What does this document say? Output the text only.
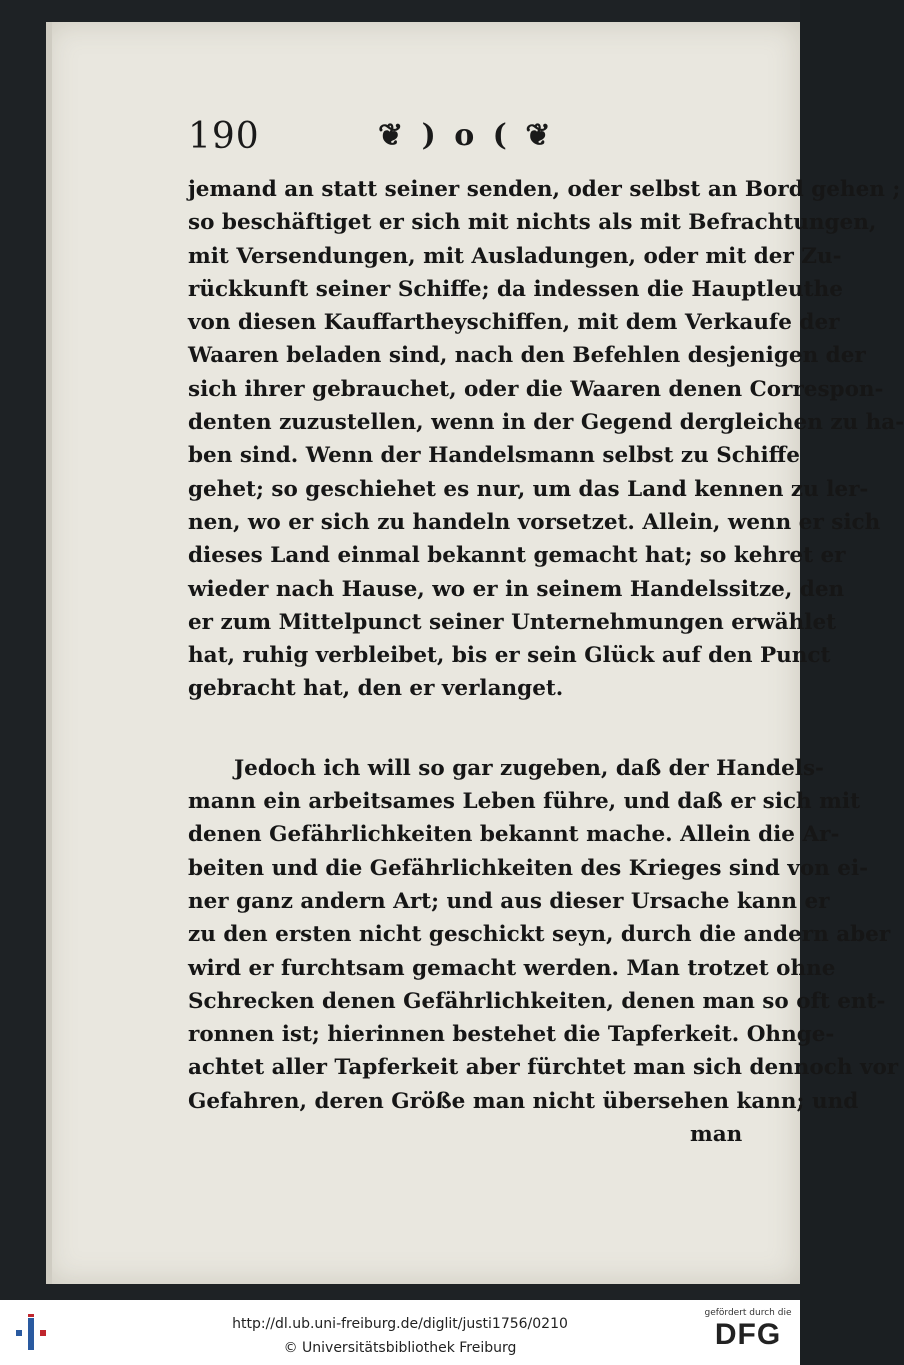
190	❦ ) o ( ❦
jemand an statt seiner senden, oder selbst an Bord gehen ;
so beschäftiget er sich mit nichts als mit Befrachtungen,
mit Versendungen, mit Ausladungen, oder mit der Zu-
rückkunft seiner Schiffe; da indessen die Hauptleuthe
von diesen Kauffartheyschiffen, mit dem Verkaufe der
Waaren beladen sind, nach den Befehlen desjenigen der
sich ihrer gebrauchet, oder die Waaren denen Correspon-
denten zuzustellen, wenn in der Gegend dergleichen zu ha-
ben sind. Wenn der Handelsmann selbst zu Schiffe
gehet; so geschiehet es nur, um das Land kennen zu ler-
nen, wo er sich zu handeln vorsetzet. Allein, wenn er sich
dieses Land einmal bekannt gemacht hat; so kehret er
wieder nach Hause, wo er in seinem Handelssitze, den
er zum Mittelpunct seiner Unternehmungen erwählet
hat, ruhig verbleibet, bis er sein Glück auf den Punct
gebracht hat, den er verlanget.
Jedoch ich will so gar zugeben, daß der Handels-
mann ein arbeitsames Leben führe, und daß er sich mit
denen Gefährlichkeiten bekannt mache. Allein die Ar-
beiten und die Gefährlichkeiten des Krieges sind von ei-
ner ganz andern Art; und aus dieser Ursache kann er
zu den ersten nicht geschickt seyn, durch die andern aber
wird er furchtsam gemacht werden. Man trotzet ohne
Schrecken denen Gefährlichkeiten, denen man so oft ent-
ronnen ist; hierinnen bestehet die Tapferkeit. Ohnge-
achtet aller Tapferkeit aber fürchtet man sich dennoch vor
Gefahren, deren Größe man nicht übersehen kann; und
man
http://dl.ub.uni-freiburg.de/diglit/justi1756/0210
© Universitätsbibliothek Freiburg
gefördert durch die
DFG
